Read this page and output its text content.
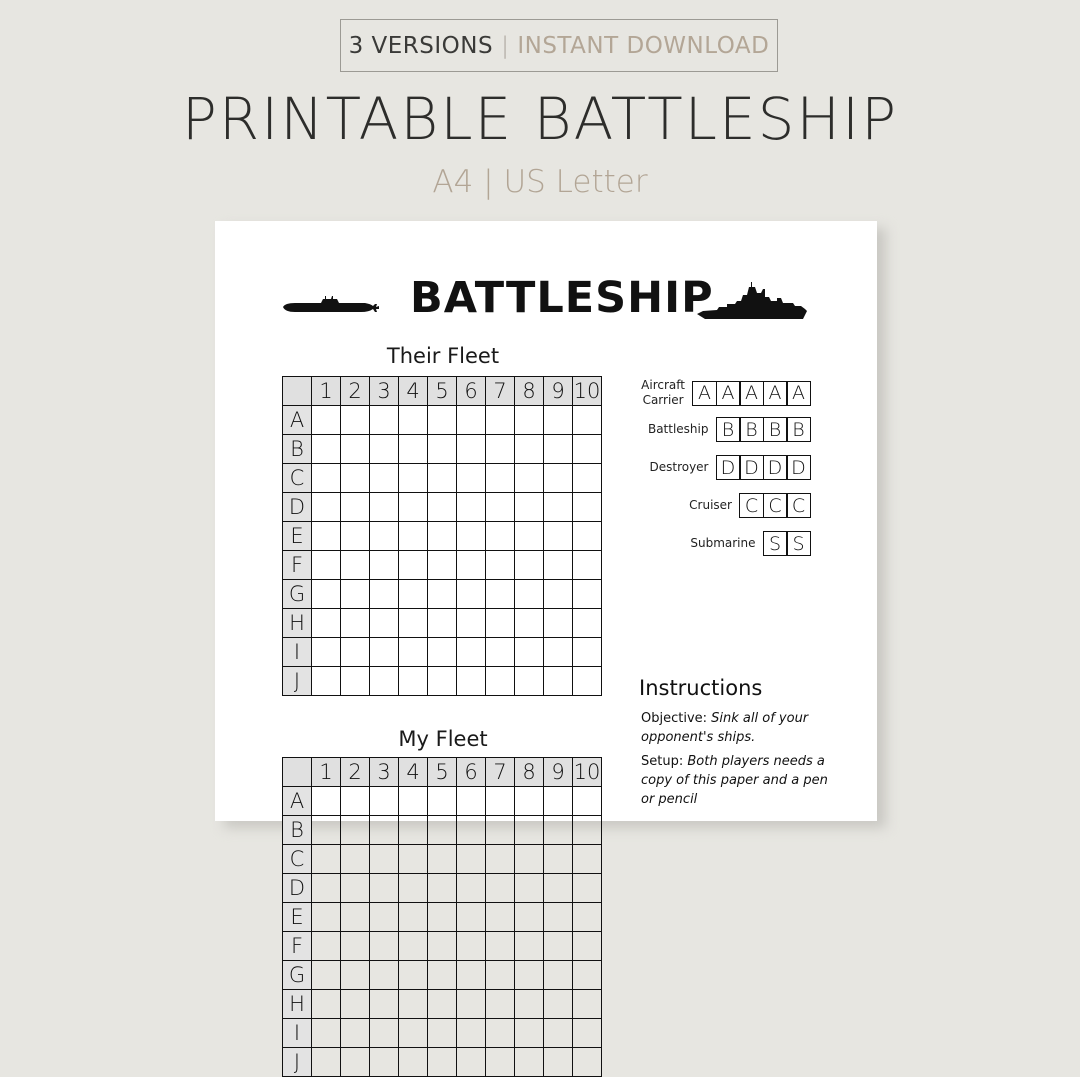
3 VERSIONS | INSTANT DOWNLOAD
PRINTABLE BATTLESHIP
A4 | US Letter
BATTLESHIP
Their Fleet
	1	2	3	4	5	6	7	8	9	10
A										
B										
C										
D										
E										
F										
G										
H										
I										
J										
My Fleet
	1	2	3	4	5	6	7	8	9	10
A										
B										
C										
D										
E										
F										
G										
H										
I										
J										
Aircraft
Carrier A A A A A
Battleship B B B B
Destroyer D D D D
Cruiser C C C
Submarine S S
Instructions
Objective: Sink all of your opponent's ships.
Setup: Both players needs a copy of this paper and a pen or pencil
